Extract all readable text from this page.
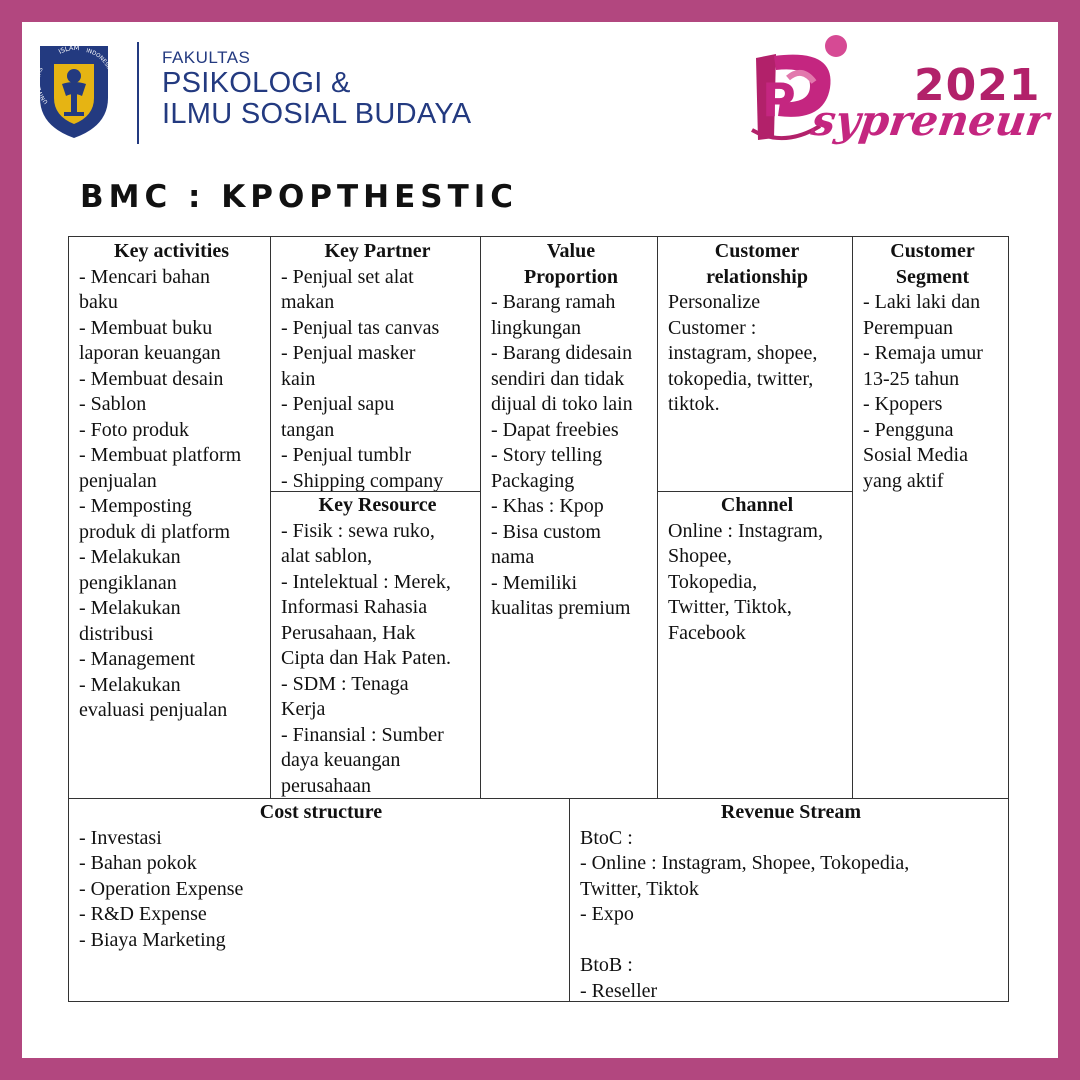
ISLAM
UNIVERSITAS
INDONESIA
FAKULTAS
PSIKOLOGI &
ILMU SOSIAL BUDAYA	P	2021
sypreneur
BMC : KPOPTHESTIC
Key activities
- Mencari bahan
baku
- Membuat buku
laporan keuangan
- Membuat desain
- Sablon
- Foto produk
- Membuat platform
penjualan
- Memposting
produk di platform
- Melakukan
pengiklanan
- Melakukan
distribusi
- Management
- Melakukan
evaluasi penjualan
Key Partner
- Penjual set alat
makan
- Penjual tas canvas
- Penjual masker
kain
- Penjual sapu
tangan
- Penjual tumblr
- Shipping company
Key Resource
- Fisik : sewa ruko,
alat sablon,
- Intelektual : Merek,
Informasi Rahasia
Perusahaan, Hak
Cipta dan Hak Paten.
- SDM : Tenaga
Kerja
- Finansial : Sumber
daya keuangan
perusahaan
Value
Proportion
- Barang ramah
lingkungan
- Barang didesain
sendiri dan tidak
dijual di toko lain
- Dapat freebies
- Story telling
Packaging
- Khas : Kpop
- Bisa custom
nama
- Memiliki
kualitas premium
Customer
relationship
Personalize
Customer :
instagram, shopee,
tokopedia, twitter,
tiktok.
Channel
Online : Instagram,
Shopee,
Tokopedia,
Twitter, Tiktok,
Facebook
Customer
Segment
- Laki laki dan
Perempuan
- Remaja umur
13-25 tahun
- Kpopers
- Pengguna
Sosial Media
yang aktif
Cost structure
- Investasi
- Bahan pokok
- Operation Expense
- R&D Expense
- Biaya Marketing
Revenue Stream
BtoC :
- Online : Instagram, Shopee, Tokopedia,
Twitter, Tiktok
- Expo

BtoB :
- Reseller
